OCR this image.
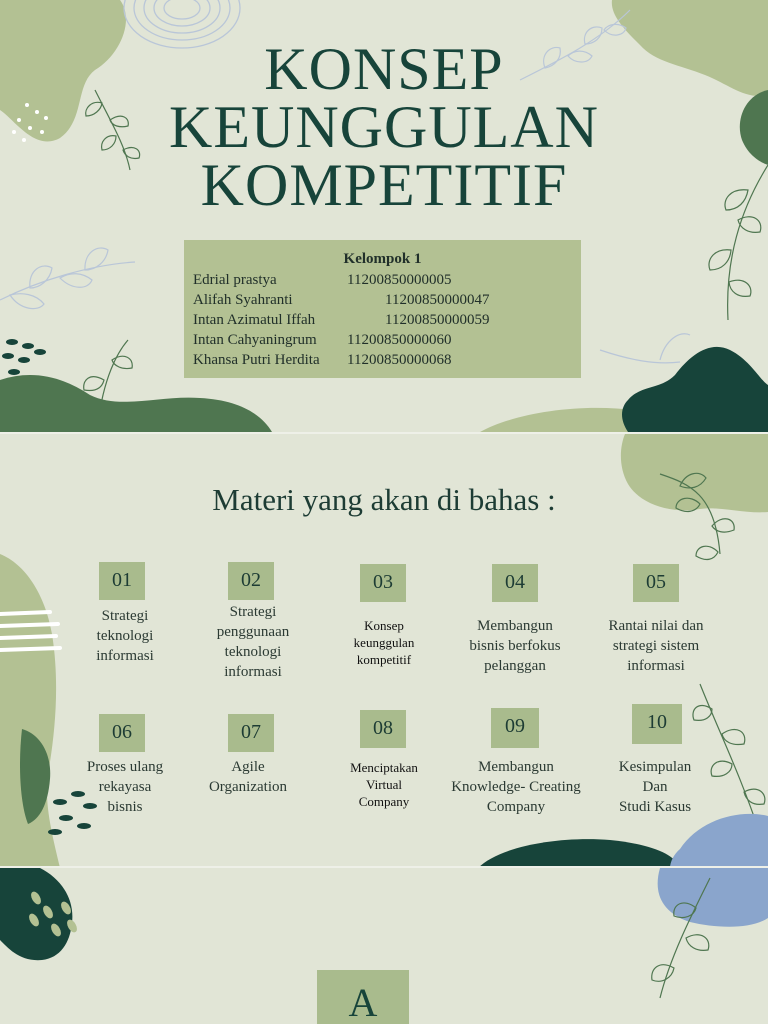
KONSEP
KEUNGGULAN
KOMPETITIF
Kelompok 1
Edrial prastya	11200850000005
Alifah Syahranti	11200850000047
Intan Azimatul Iffah	11200850000059
Intan Cahyaningrum 11200850000060
Khansa Putri Herdita 11200850000068
Materi yang akan di bahas :
01
Strategi
teknologi
informasi
02
Strategi
penggunaan
teknologi
informasi
03
Konsep
keunggulan
kompetitif
04
Membangun
bisnis berfokus
pelanggan
05
Rantai nilai dan
strategi sistem
informasi
06
Proses ulang
rekayasa
bisnis
07
Agile
Organization
08
Menciptakan
Virtual
Company
09
Membangun
Knowledge- Creating
Company
10
Kesimpulan
Dan
Studi Kasus
A
